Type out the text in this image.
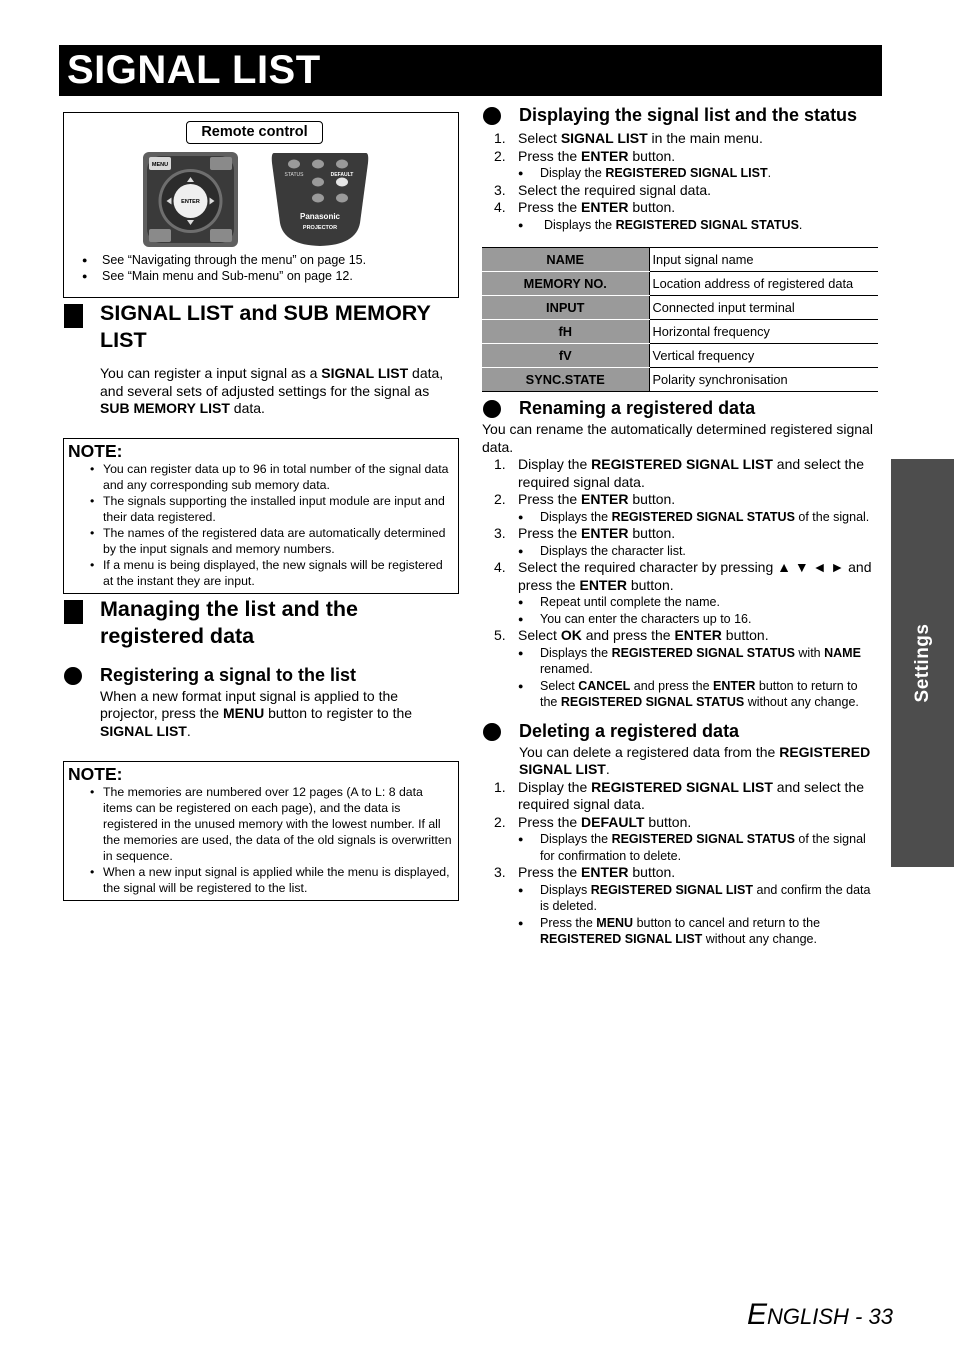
SIGNAL LIST
Remote control
MENU
ENTER
STATUS	DEFAULT
Panasonic
PROJECTOR
● See “Navigating through the menu” on page 15.
● See “Main menu and Sub-menu” on page 12.
SIGNAL LIST and SUB MEMORY LIST

You can register a input signal as a SIGNAL LIST data, and several sets of adjusted settings for the signal as SUB MEMORY LIST data.

NOTE:
• You can register data up to 96 in total number of the signal data and any corresponding sub memory data.
• The signals supporting the installed input module are input and their data registered.
• The names of the registered data are automatically determined by the input signals and memory numbers.
• If a menu is being displayed, the new signals will be registered at the instant they are input.
Managing the list and the registered data
Registering a signal to the list

When a new format input signal is applied to the projector, press the MENU button to register to the SIGNAL LIST.

NOTE:
• The memories are numbered over 12 pages (A to L: 8 data items can be registered on each page), and the data is registered in the unused memory with the lowest number. If all the memories are used, the data of the old signals is overwritten in sequence.
• When a new input signal is applied while the menu is displayed, the signal will be registered to the list.
Displaying the signal list and the status
1. Select SIGNAL LIST in the main menu.
2. Press the ENTER button.
● Display the REGISTERED SIGNAL LIST.
3. Select the required signal data.
4. Press the ENTER button.
● Displays the REGISTERED SIGNAL STATUS.
NAME	Input signal name
MEMORY NO.	Location address of registered data
INPUT	Connected input terminal
fH	Horizontal frequency
fV	Vertical frequency
SYNC.STATE	Polarity synchronisation
Renaming a registered data

You can rename the automatically determined registered signal data.

1. Display the REGISTERED SIGNAL LIST and select the required signal data.
2. Press the ENTER button.
● Displays the REGISTERED SIGNAL STATUS of the signal.
3. Press the ENTER button.
● Displays the character list.
4. Select the required character by pressing ▲ ▼ ◄ ► and press the ENTER button.
● Repeat until complete the name.
● You can enter the characters up to 16.
5. Select OK and press the ENTER button.
● Displays the REGISTERED SIGNAL STATUS with NAME renamed.
● Select CANCEL and press the ENTER button to return to the REGISTERED SIGNAL STATUS without any change.
Deleting a registered data

You can delete a registered data from the REGISTERED SIGNAL LIST.

1. Display the REGISTERED SIGNAL LIST and select the required signal data.
2. Press the DEFAULT button.
● Displays the REGISTERED SIGNAL STATUS of the signal for confirmation to delete.
3. Press the ENTER button.
● Displays REGISTERED SIGNAL LIST and confirm the data is deleted.
● Press the MENU button to cancel and return to the REGISTERED SIGNAL LIST without any change.
Settings
ENGLISH - 33
